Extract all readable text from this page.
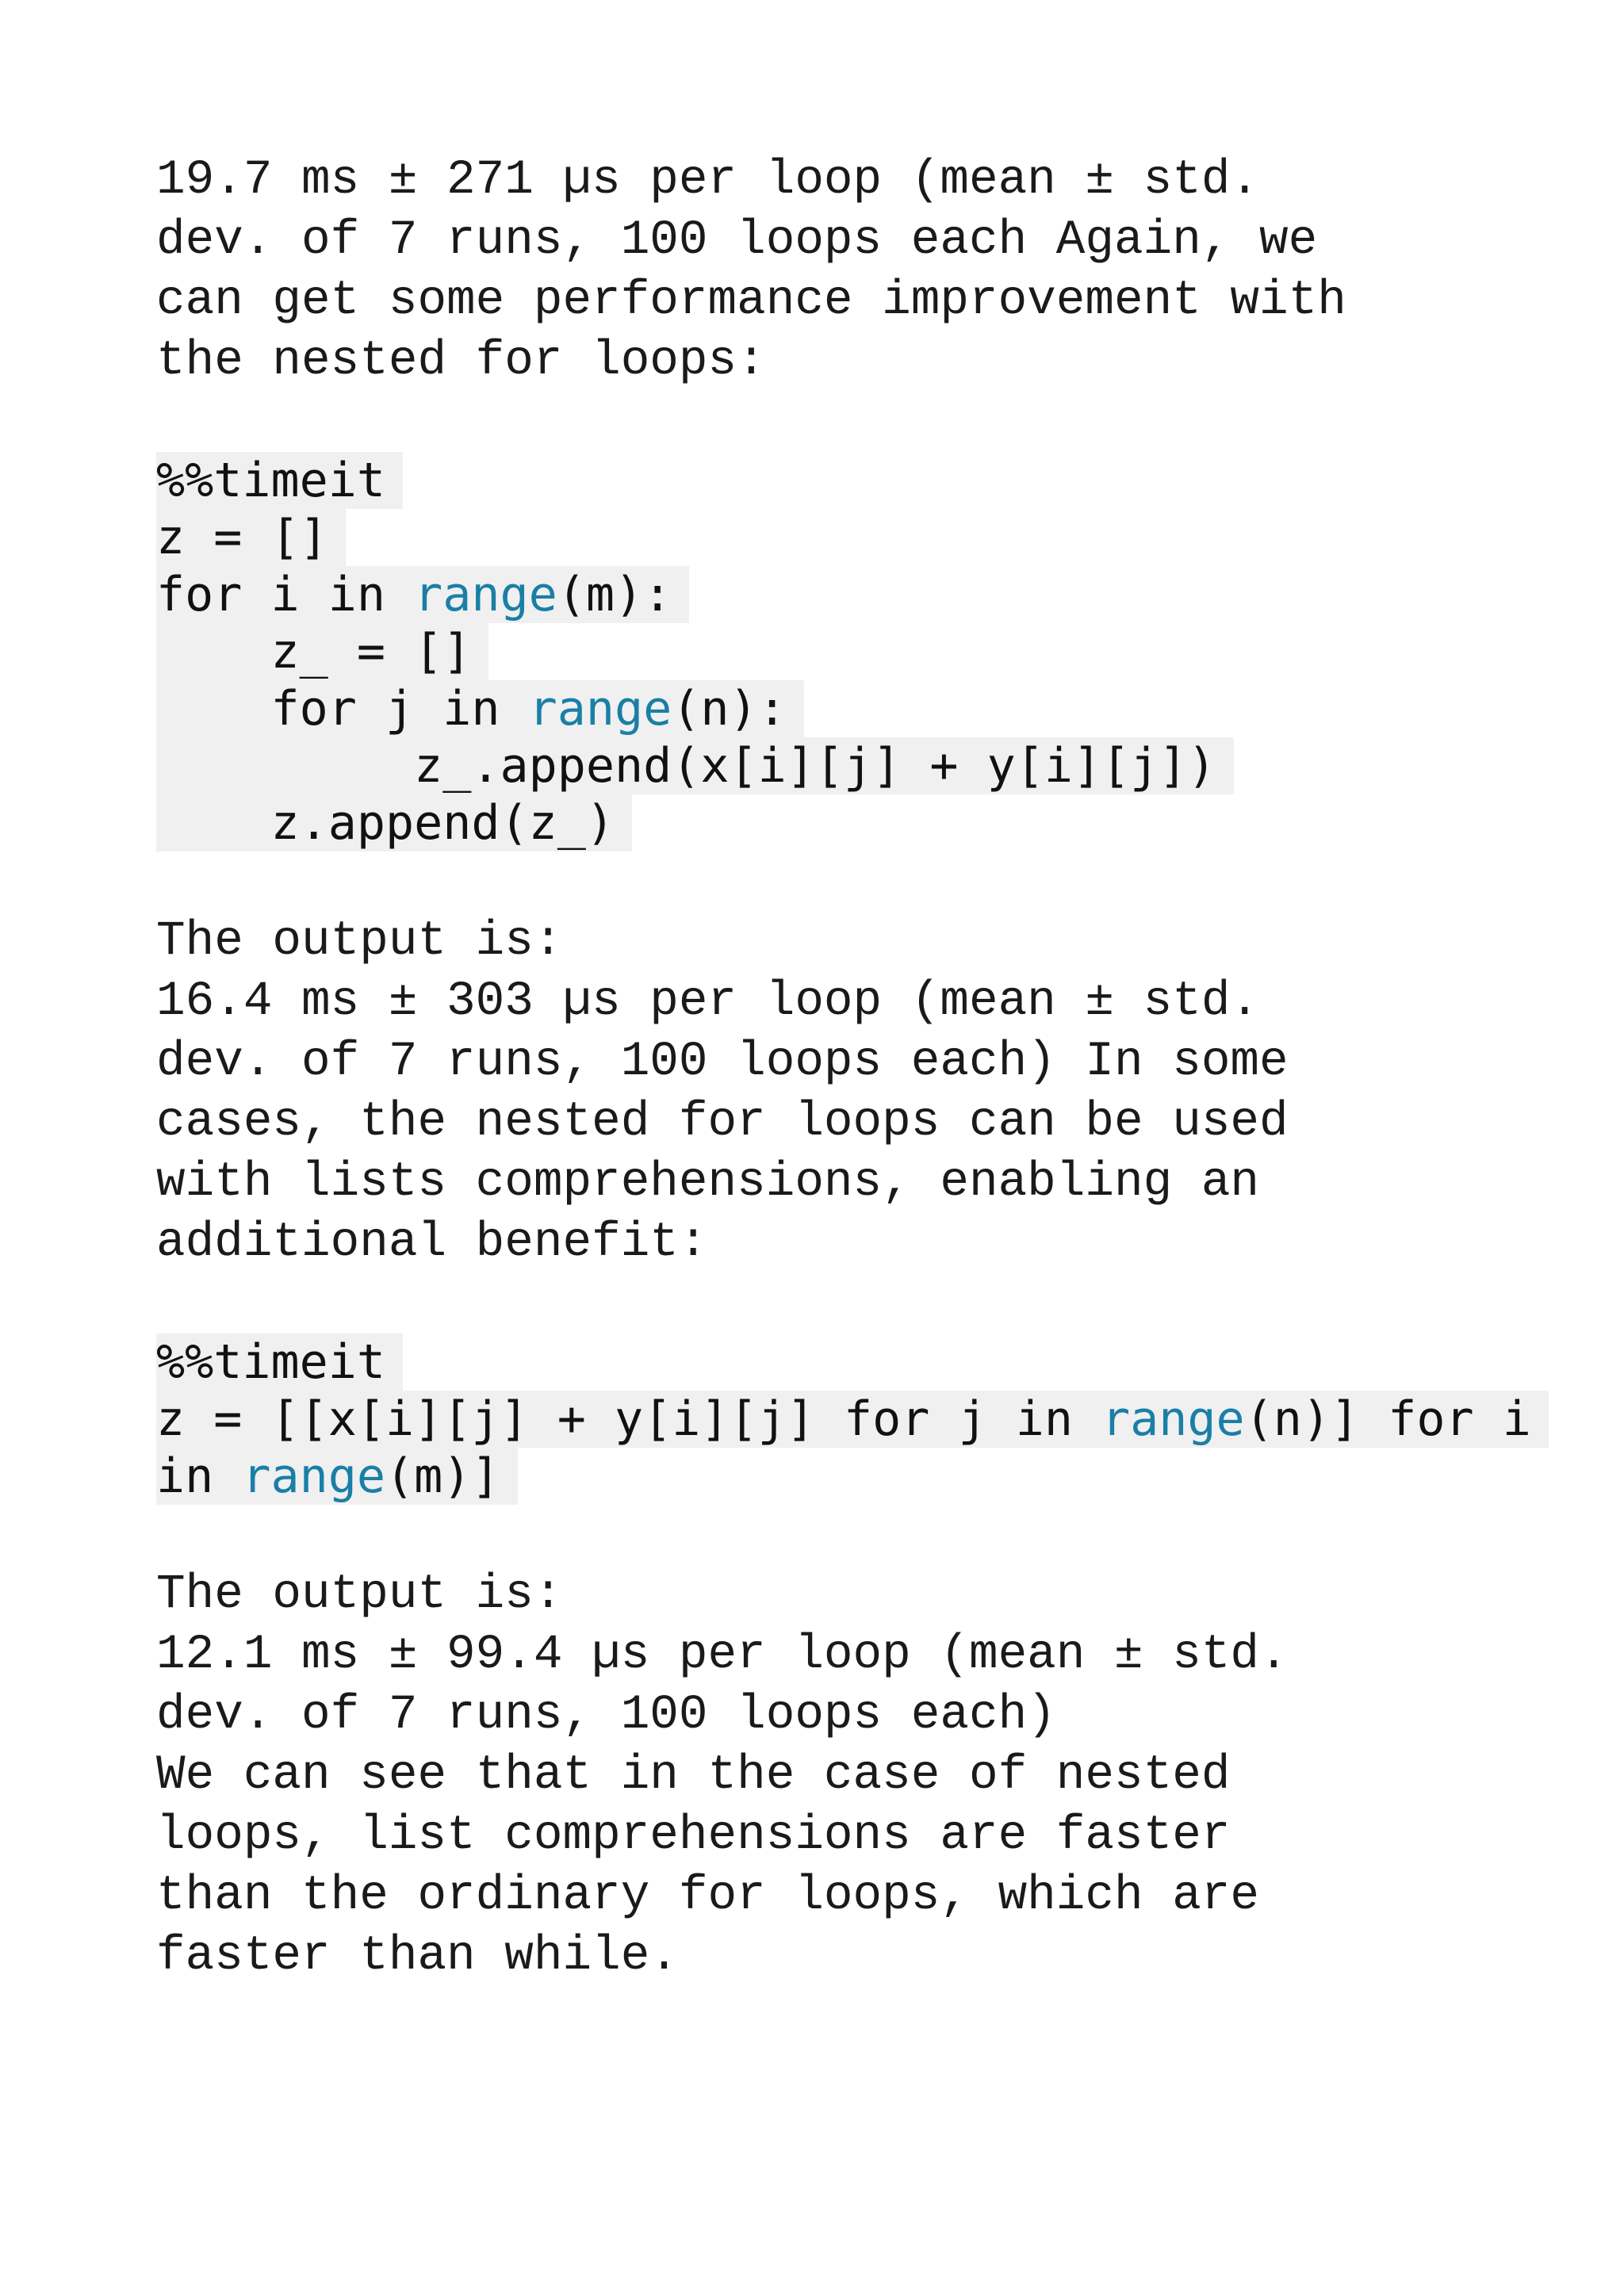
19.7 ms ± 271 µs per loop (mean ± std.
dev. of 7 runs, 100 loops each Again, we
can get some performance improvement with
the nested for loops:
%%timeit
z = []
for i in range(m):
z_ = []
for j in range(n):
z_.append(x[i][j] + y[i][j])
z.append(z_)
The output is:
16.4 ms ± 303 µs per loop (mean ± std.
dev. of 7 runs, 100 loops each) In some
cases, the nested for loops can be used
with lists comprehensions, enabling an
additional benefit:
%%timeit
z = [[x[i][j] + y[i][j] for j in range(n)] for i
in range(m)]
The output is:
12.1 ms ± 99.4 µs per loop (mean ± std.
dev. of 7 runs, 100 loops each)
We can see that in the case of nested
loops, list comprehensions are faster
than the ordinary for loops, which are
faster than while.
